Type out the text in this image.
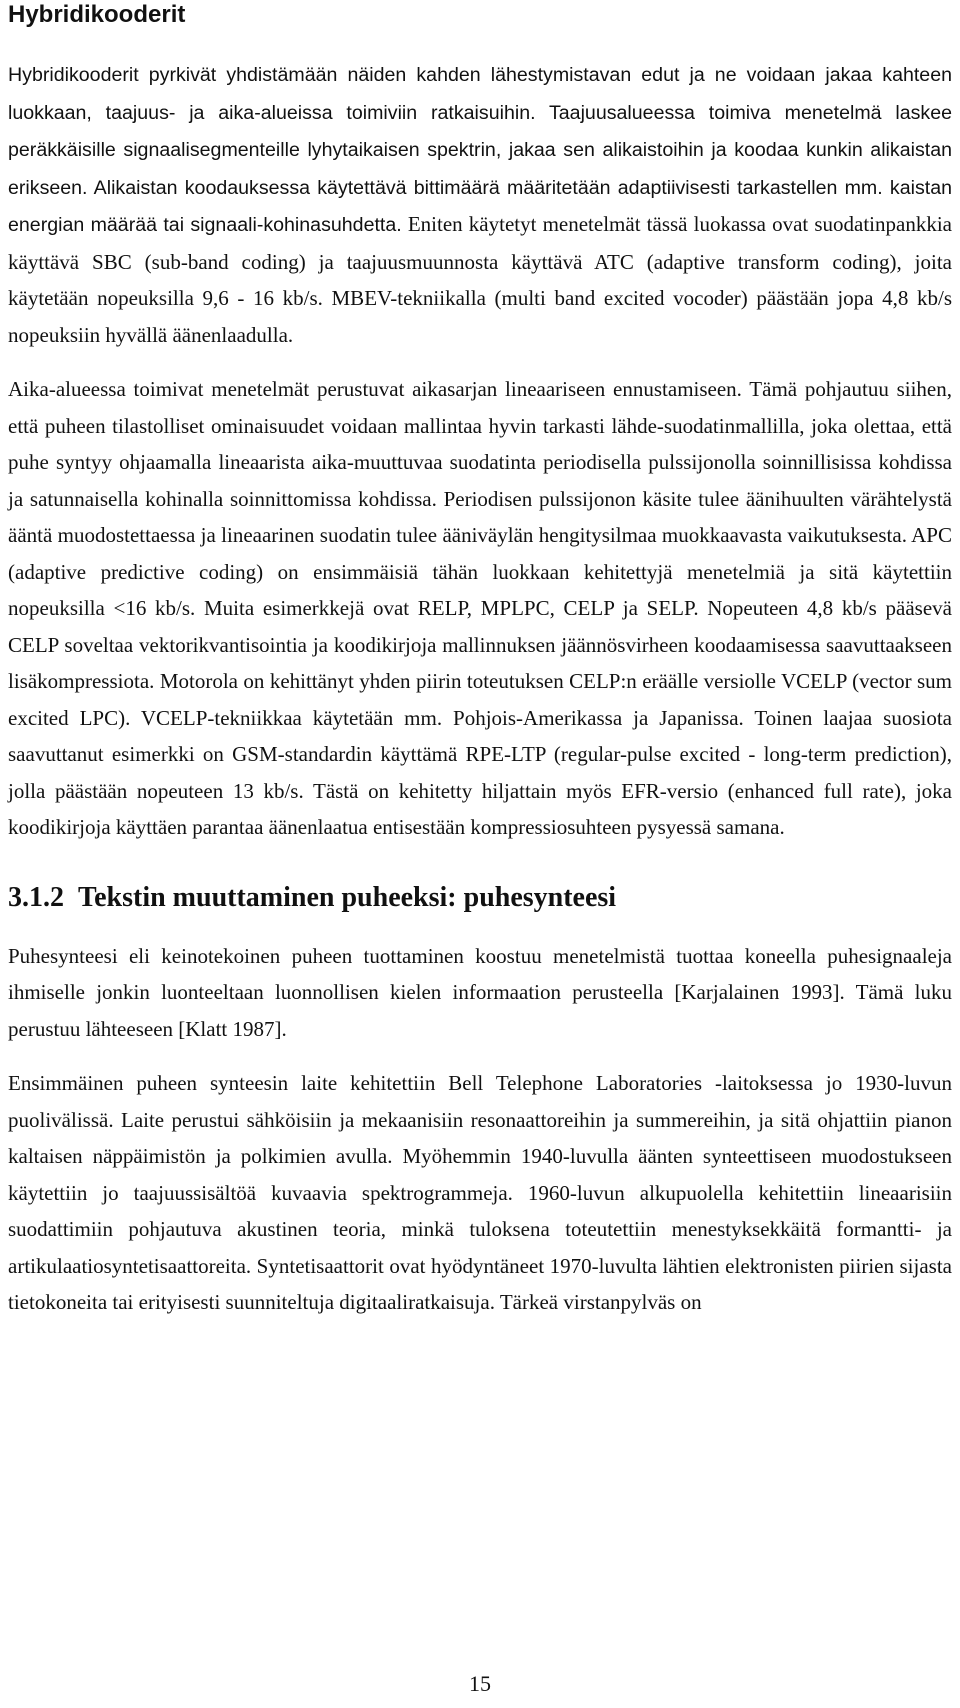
Hybridikooderit

Hybridikooderit pyrkivät yhdistämään näiden kahden lähestymistavan edut ja ne voidaan jakaa kahteen luokkaan, taajuus- ja aika-alueissa toimiviin ratkaisuihin. Taajuusalueessa toimiva menetelmä laskee peräkkäisille signaalisegmenteille lyhytaikaisen spektrin, jakaa sen alikaistoihin ja koodaa kunkin alikaistan erikseen. Alikaistan koodauksessa käytettävä bittimäärä määritetään adaptiivisesti tarkastellen mm. kaistan energian määrää tai signaali-kohinasuhdetta. Eniten käytetyt menetelmät tässä luokassa ovat suodatinpankkia käyttävä SBC (sub-band coding) ja taajuusmuunnosta käyttävä ATC (adaptive transform coding), joita käytetään nopeuksilla 9,6 - 16 kb/s. MBEV-tekniikalla (multi band excited vocoder) päästään jopa 4,8 kb/s nopeuksiin hyvällä äänenlaadulla.

Aika-alueessa toimivat menetelmät perustuvat aikasarjan lineaariseen ennustamiseen. Tämä pohjautuu siihen, että puheen tilastolliset ominaisuudet voidaan mallintaa hyvin tarkasti lähde-suodatinmallilla, joka olettaa, että puhe syntyy ohjaamalla lineaarista aika-muuttuvaa suodatinta periodisella pulssijonolla soinnillisissa kohdissa ja satunnaisella kohinalla soinnittomissa kohdissa. Periodisen pulssijonon käsite tulee äänihuulten värähtelystä ääntä muodostettaessa ja lineaarinen suodatin tulee ääniväylän hengitysilmaa muokkaavasta vaikutuksesta. APC (adaptive predictive coding) on ensimmäisiä tähän luokkaan kehitettyjä menetelmiä ja sitä käytettiin nopeuksilla <16 kb/s. Muita esimerkkejä ovat RELP, MPLPC, CELP ja SELP. Nopeuteen 4,8 kb/s pääsevä CELP soveltaa vektorikvantisointia ja koodikirjoja mallinnuksen jäännösvirheen koodaamisessa saavuttaakseen lisäkompressiota. Motorola on kehittänyt yhden piirin toteutuksen CELP:n eräälle versiolle VCELP (vector sum excited LPC). VCELP-tekniikkaa käytetään mm. Pohjois-Amerikassa ja Japanissa. Toinen laajaa suosiota saavuttanut esimerkki on GSM-standardin käyttämä RPE-LTP (regular-pulse excited - long-term prediction), jolla päästään nopeuteen 13 kb/s. Tästä on kehitetty hiljattain myös EFR-versio (enhanced full rate), joka koodikirjoja käyttäen parantaa äänenlaatua entisestään kompressiosuhteen pysyessä samana.

3.1.2 Tekstin muuttaminen puheeksi: puhesynteesi

Puhesynteesi eli keinotekoinen puheen tuottaminen koostuu menetelmistä tuottaa koneella puhesignaaleja ihmiselle jonkin luonteeltaan luonnollisen kielen informaation perusteella [Karjalainen 1993]. Tämä luku perustuu lähteeseen [Klatt 1987].

Ensimmäinen puheen synteesin laite kehitettiin Bell Telephone Laboratories -laitoksessa jo 1930-luvun puolivälissä. Laite perustui sähköisiin ja mekaanisiin resonaattoreihin ja summereihin, ja sitä ohjattiin pianon kaltaisen näppäimistön ja polkimien avulla. Myöhemmin 1940-luvulla äänten synteettiseen muodostukseen käytettiin jo taajuussisältöä kuvaavia spektrogrammeja. 1960-luvun alkupuolella kehitettiin lineaarisiin suodattimiin pohjautuva akustinen teoria, minkä tuloksena toteutettiin menestyksekkäitä formantti- ja artikulaatiosyntetisaattoreita. Syntetisaattorit ovat hyödyntäneet 1970-luvulta lähtien elektronisten piirien sijasta tietokoneita tai erityisesti suunniteltuja digitaaliratkaisuja. Tärkeä virstanpylväs on

15
